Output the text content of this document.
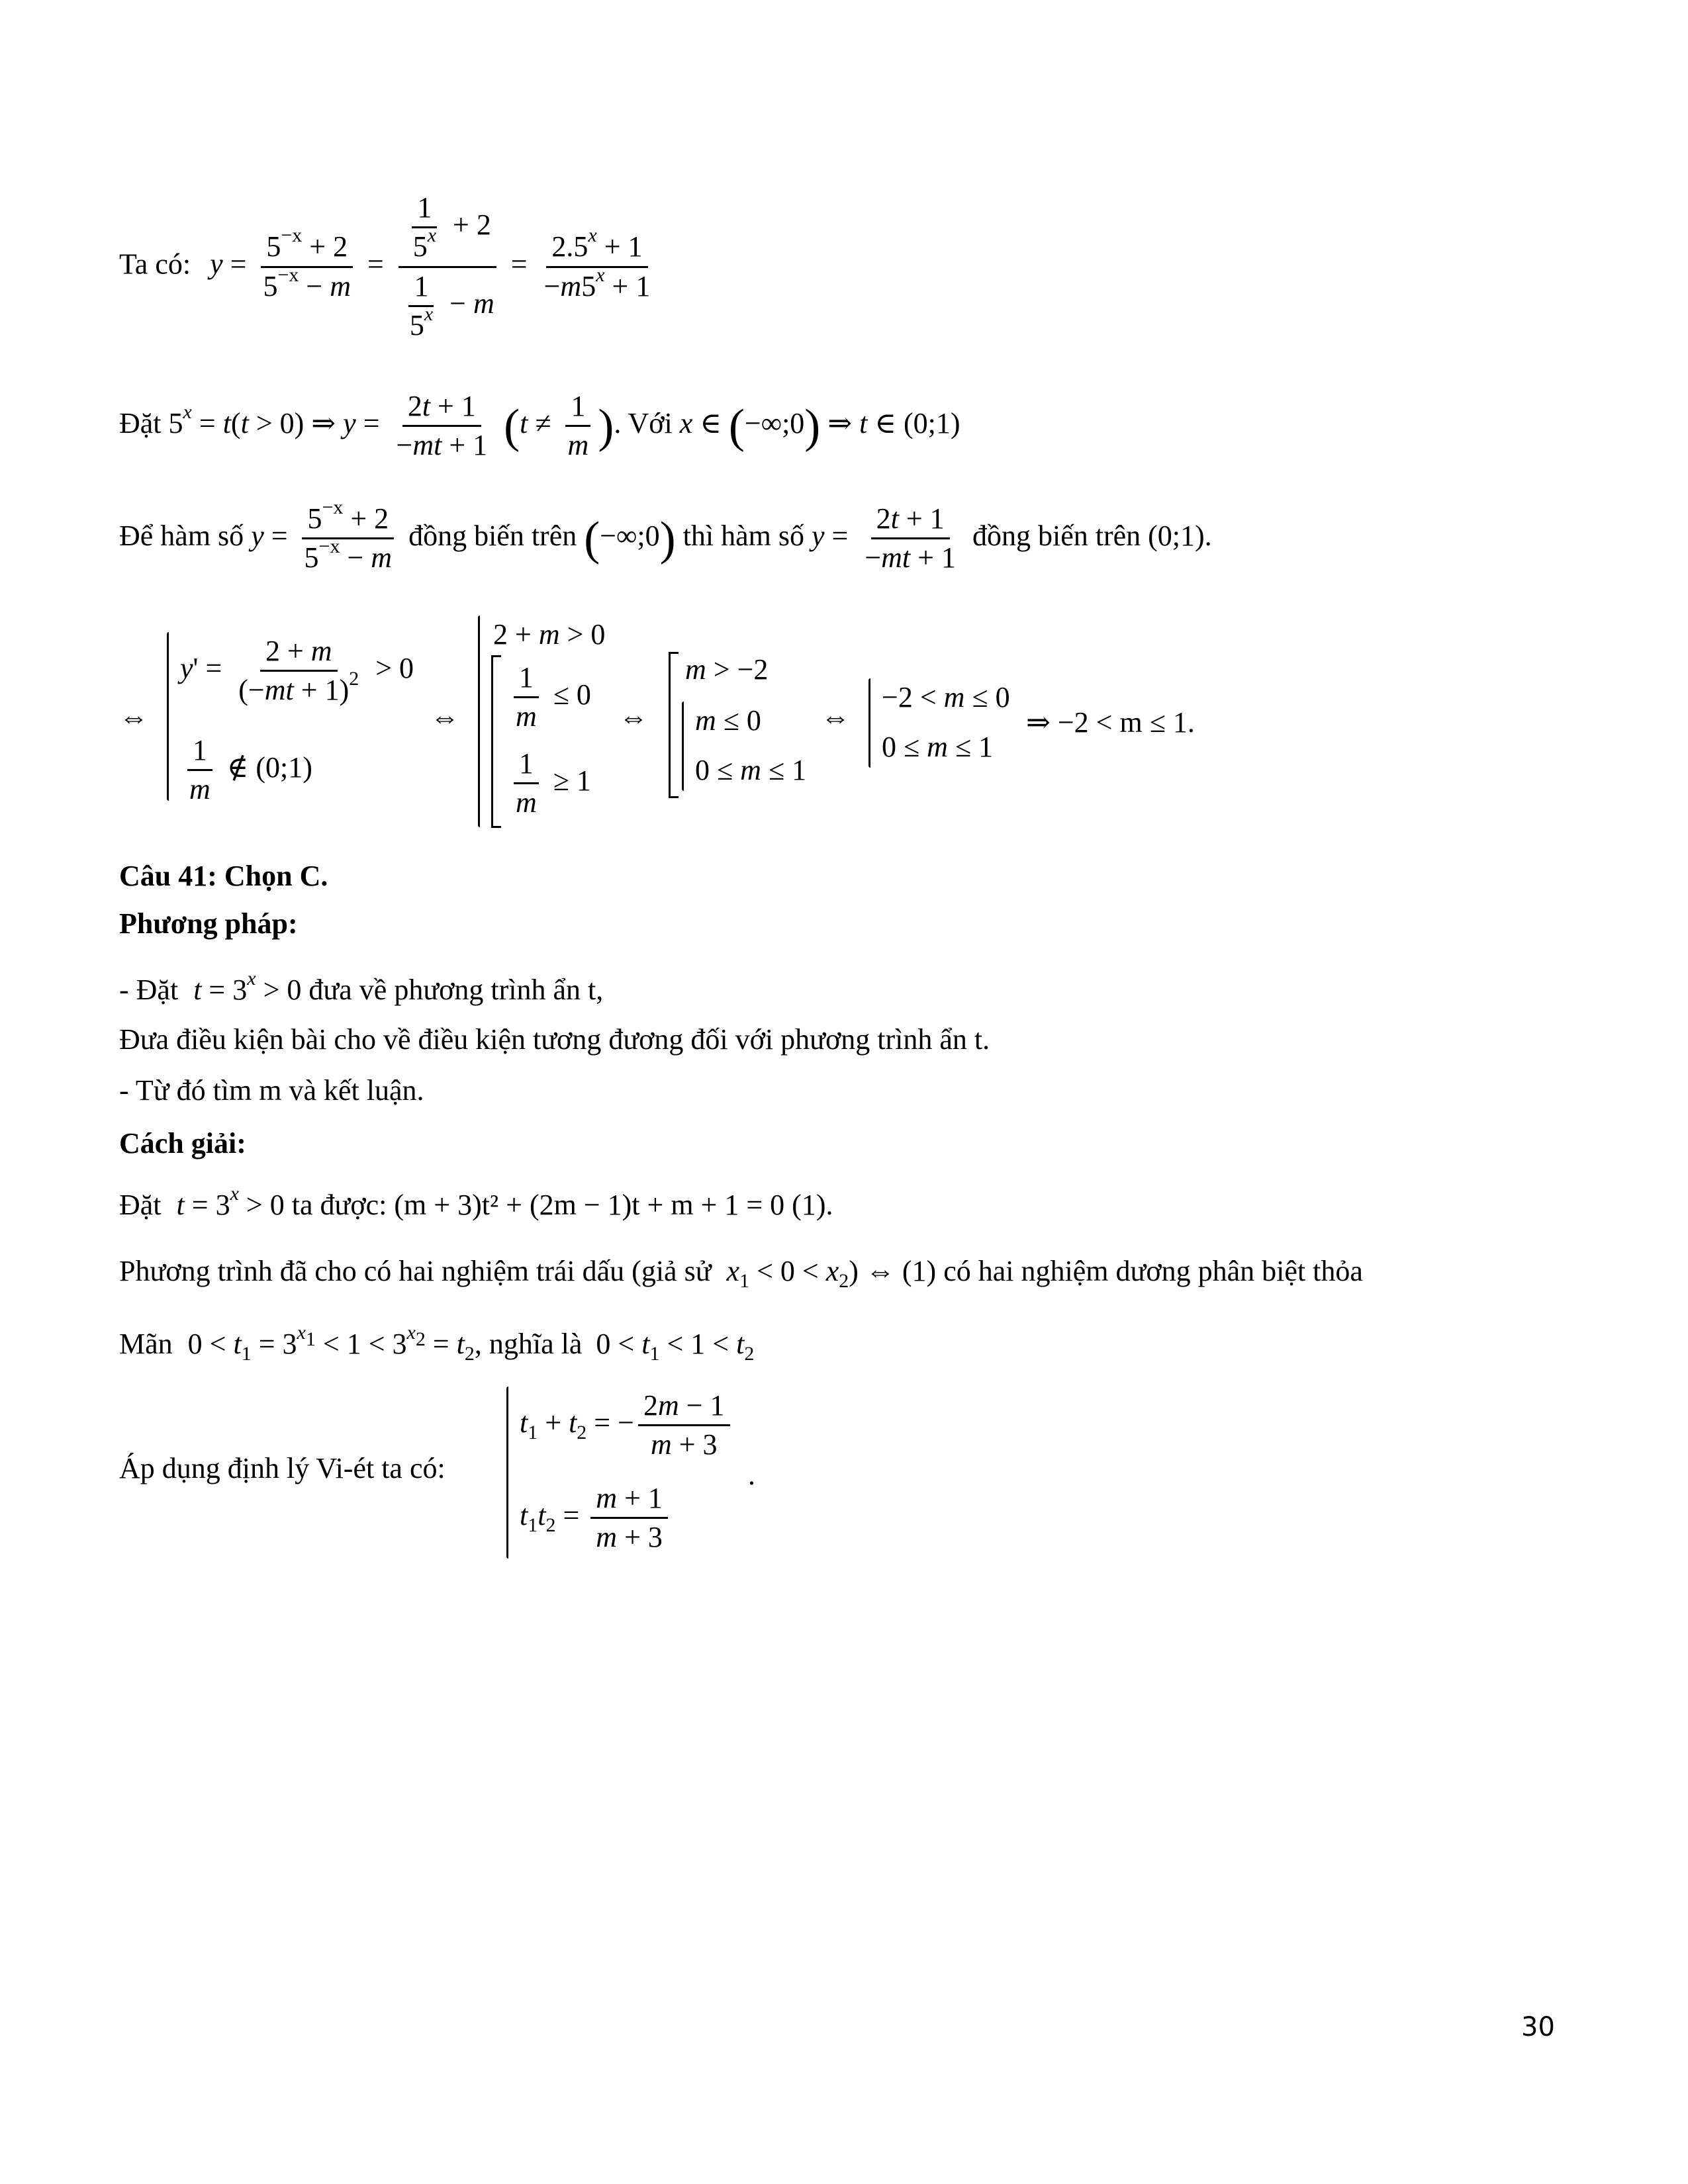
Ta có: $y = \frac{5^{-x} + 2}{5^{-x} - m} = \frac{\frac{1}{5^x} + 2}{\frac{1}{5^x} - m} = \frac{2.5^x + 1}{-m5^x + 1}$
Đặt $5^x = t(t > 0)$ ⇒ $y = \frac{2t + 1}{-mt + 1} (t \ne \frac{1}{m}$ ). Với x ∈ (−∞;0) ⇒ t ∈ (0;1)
Để hàm số $y = \frac{5^{-x} + 2}{5^{-x} - m}$ đồng biến trên (−∞;0) thì hàm số $y = \frac{2t + 1}{-mt + 1}$ đồng biến trên (0;1).
⇔
$y' = \frac{2 + m}{(-mt + 1)^2} > 0$
$\frac{1}{m}$ ∉ (0;1)
⇔
2 + m > 0
$\frac{1}{m} \le 0$
$\frac{1}{m} \ge 1$
⇔
m > −2
m ≤ 0
0 ≤ m ≤ 1
⇔
−2 < m ≤ 0
0 ≤ m ≤ 1
⇒ −2 < m ≤ 1.
Câu 41: Chọn C.
Phương pháp:
- Đặt $t = 3^x > 0$ đưa về phương trình ẩn t,
Đưa điều kiện bài cho về điều kiện tương đương đối với phương trình ẩn t.
- Từ đó tìm m và kết luận.
Cách giải:
Đặt $t = 3^x > 0$ ta được: (m + 3)t² + (2m − 1)t + m + 1 = 0 (1).
Phương trình đã cho có hai nghiệm trái dấu (giả sử $x_1 < 0 < x_2$) ⇔ (1) có hai nghiệm dương phân biệt thỏa
Mãn $0 < t_1 = 3^{x_1} < 1 < 3^{x_2} = t_2$, nghĩa là $0 < t_1 < 1 < t_2$
Áp dụng định lý Vi-ét ta có:
$t_1 + t_2$ = − $\frac{2m - 1}{m + 3}$
$t_1t_2 = \frac{m + 1}{m + 3}$
.
30
